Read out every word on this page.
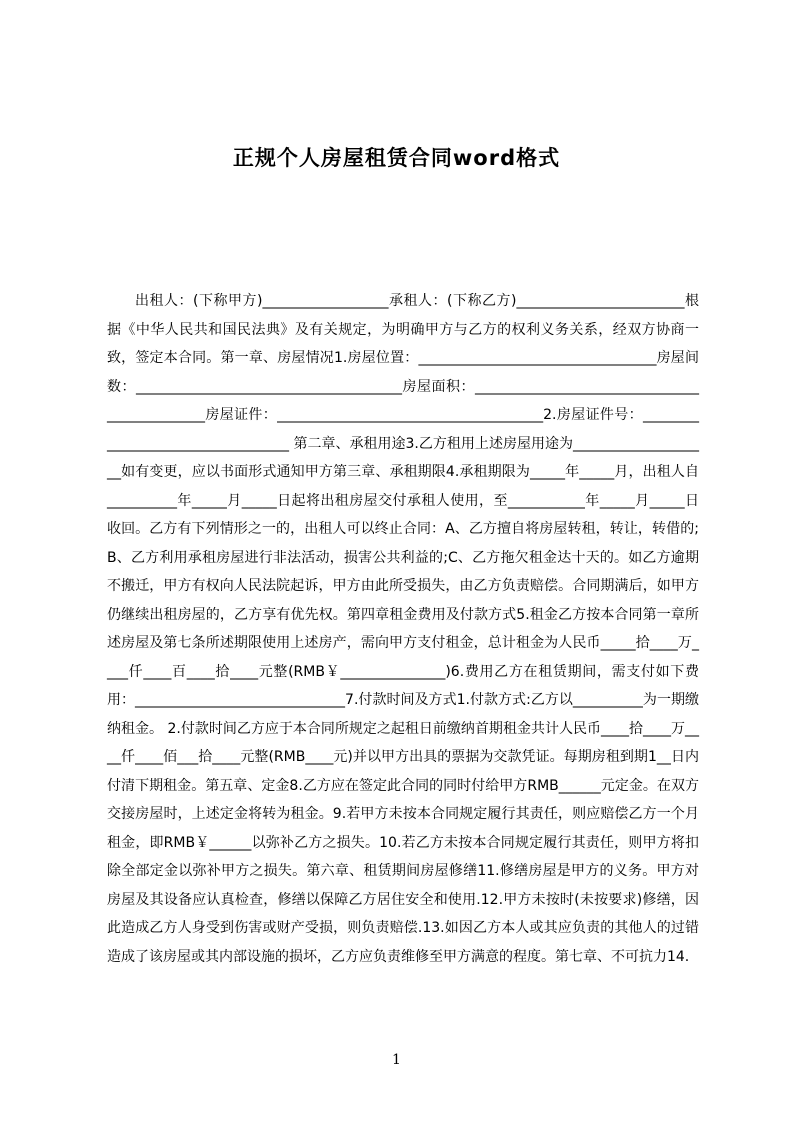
正规个人房屋租赁合同word格式

出租人：(下称甲方)__________________承租人：(下称乙方)________________________根据《中华人民共和国民法典》及有关规定，为明确甲方与乙方的权利义务关系，经双方协商一致，签定本合同。第一章、房屋情况1.房屋位置：__________________________________房屋间数：______________________________________房屋面积：______________________________________________房屋证件：______________________________________2.房屋证件号：__________________________________ 第二章、承租用途3.乙方租用上述房屋用途为____________________如有变更，应以书面形式通知甲方第三章、承租期限4.承租期限为_____年_____月，出租人自__________年_____月_____日起将出租房屋交付承租人使用，至___________年_____月_____日收回。乙方有下列情形之一的，出租人可以终止合同：A、乙方擅自将房屋转租，转让，转借的;B、乙方利用承租房屋进行非法活动，损害公共利益的;C、乙方拖欠租金达十天的。如乙方逾期不搬迁，甲方有权向人民法院起诉，甲方由此所受损失，由乙方负责赔偿。合同期满后，如甲方仍继续出租房屋的，乙方享有优先权。第四章租金费用及付款方式5.租金乙方按本合同第一章所述房屋及第七条所述期限使用上述房产，需向甲方支付租金，总计租金为人民币_____拾____万____仟____百____拾____元整(RMB￥_______________)6.费用乙方在租赁期间，需支付如下费用：______________________________7.付款时间及方式1.付款方式:乙方以__________为一期缴纳租金。 2.付款时间乙方应于本合同所规定之起租日前缴纳首期租金共计人民币____拾____万____仟____佰___拾____元整(RMB____元)并以甲方出具的票据为交款凭证。每期房租到期1__日内付清下期租金。第五章、定金8.乙方应在签定此合同的同时付给甲方RMB______元定金。在双方交接房屋时，上述定金将转为租金。9.若甲方未按本合同规定履行其责任，则应赔偿乙方一个月租金，即RMB￥______以弥补乙方之损失。10.若乙方未按本合同规定履行其责任，则甲方将扣除全部定金以弥补甲方之损失。第六章、租赁期间房屋修缮11.修缮房屋是甲方的义务。甲方对房屋及其设备应认真检查，修缮以保障乙方居住安全和使用.12.甲方未按时(未按要求)修缮，因此造成乙方人身受到伤害或财产受损，则负责赔偿.13.如因乙方本人或其应负责的其他人的过错造成了该房屋或其内部设施的损坏，乙方应负责维修至甲方满意的程度。第七章、不可抗力14.

1
